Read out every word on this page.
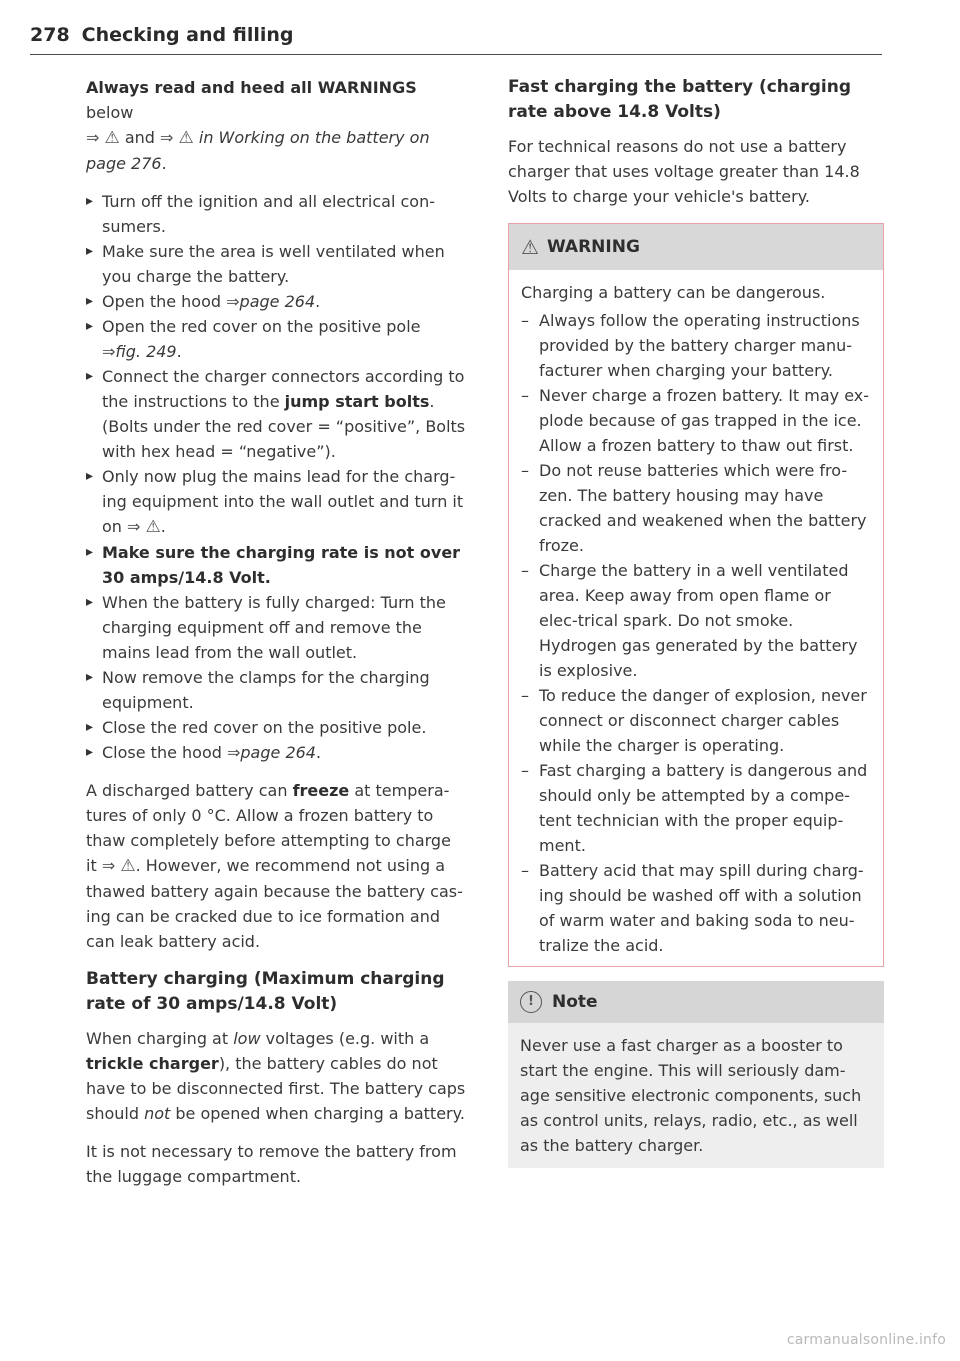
278 Checking and filling

Always read and heed all WARNINGS below
⇒ ⚠ and ⇒ ⚠ in Working on the battery on page 276.

▸ Turn off the ignition and all electrical con-sumers.
▸ Make sure the area is well ventilated when you charge the battery.
▸ Open the hood ⇒page 264.
▸ Open the red cover on the positive pole
⇒fig. 249.
▸ Connect the charger connectors according to the instructions to the jump start bolts. (Bolts under the red cover = “positive”, Bolts with hex head = “negative”).
▸ Only now plug the mains lead for the charg-ing equipment into the wall outlet and turn it on ⇒ ⚠.
▸ Make sure the charging rate is not over 30 amps/14.8 Volt.
▸ When the battery is fully charged: Turn the charging equipment off and remove the mains lead from the wall outlet.
▸ Now remove the clamps for the charging equipment.
▸ Close the red cover on the positive pole.
▸ Close the hood ⇒page 264.

A discharged battery can freeze at tempera-tures of only 0 °C. Allow a frozen battery to thaw completely before attempting to charge it ⇒ ⚠. However, we recommend not using a thawed battery again because the battery cas-ing can be cracked due to ice formation and can leak battery acid.

Battery charging (Maximum charging rate of 30 amps/14.8 Volt)

When charging at low voltages (e.g. with a trickle charger), the battery cables do not have to be disconnected first. The battery caps should not be opened when charging a battery.

It is not necessary to remove the battery from the luggage compartment.

Fast charging the battery (charging rate above 14.8 Volts)

For technical reasons do not use a battery charger that uses voltage greater than 14.8 Volts to charge your vehicle's battery.

⚠ WARNING

Charging a battery can be dangerous.

– Always follow the operating instructions provided by the battery charger manu-facturer when charging your battery.
– Never charge a frozen battery. It may ex-plode because of gas trapped in the ice. Allow a frozen battery to thaw out first.
– Do not reuse batteries which were fro-zen. The battery housing may have cracked and weakened when the battery froze.
– Charge the battery in a well ventilated area. Keep away from open flame or elec-trical spark. Do not smoke. Hydrogen gas generated by the battery is explosive.
– To reduce the danger of explosion, never connect or disconnect charger cables while the charger is operating.
– Fast charging a battery is dangerous and should only be attempted by a compe-tent technician with the proper equip-ment.
– Battery acid that may spill during charg-ing should be washed off with a solution of warm water and baking soda to neu-tralize the acid.
!	Note
Never use a fast charger as a booster to start the engine. This will seriously dam-age sensitive electronic components, such as control units, relays, radio, etc., as well as the battery charger.
carmanualsonline.info
